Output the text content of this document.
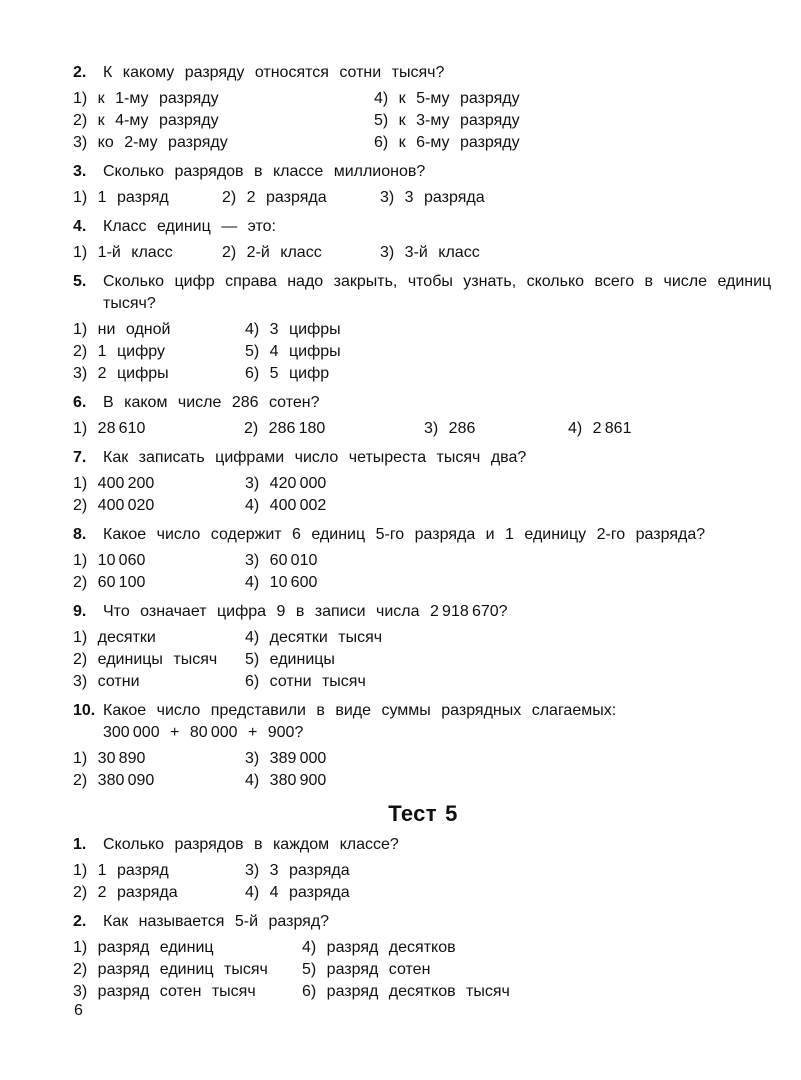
2. К какому разряду относятся сотни тысяч?
1) к 1-му разряду	4) к 5-му разряду
2) к 4-му разряду	5) к 3-му разряду
3) ко 2-му разряду	6) к 6-му разряду
3. Сколько разрядов в классе миллионов?
1) 1 разряд	2) 2 разряда	3) 3 разряда
4. Класс единиц — это:
1) 1-й класс	2) 2-й класс	3) 3-й класс
5. Сколько цифр справа надо закрыть, чтобы узнать, сколько всего в числе единиц
тысяч?
1) ни одной	4) 3 цифры
2) 1 цифру	5) 4 цифры
3) 2 цифры	6) 5 цифр
6. В каком числе 286 сотен?
1) 28 610	2) 286 180	3) 286	4) 2 861
7. Как записать цифрами число четыреста тысяч два?
1) 400 200	3) 420 000
2) 400 020	4) 400 002
8. Какое число содержит 6 единиц 5-го разряда и 1 единицу 2-го разряда?
1) 10 060	3) 60 010
2) 60 100	4) 10 600
9. Что означает цифра 9 в записи числа 2 918 670?
1) десятки	4) десятки тысяч
2) единицы тысяч 5) единицы
3) сотни	6) сотни тысяч
10. Какое число представили в виде суммы разрядных слагаемых:
300 000 + 80 000 + 900?
1) 30 890	3) 389 000
2) 380 090	4) 380 900
Тест 5
1. Сколько разрядов в каждом классе?
1) 1 разряд	3) 3 разряда
2) 2 разряда	4) 4 разряда
2. Как называется 5-й разряд?
1) разряд единиц	4) разряд десятков
2) разряд единиц тысяч 5) разряд сотен
3) разряд сотен тысяч	6) разряд десятков тысяч
6
